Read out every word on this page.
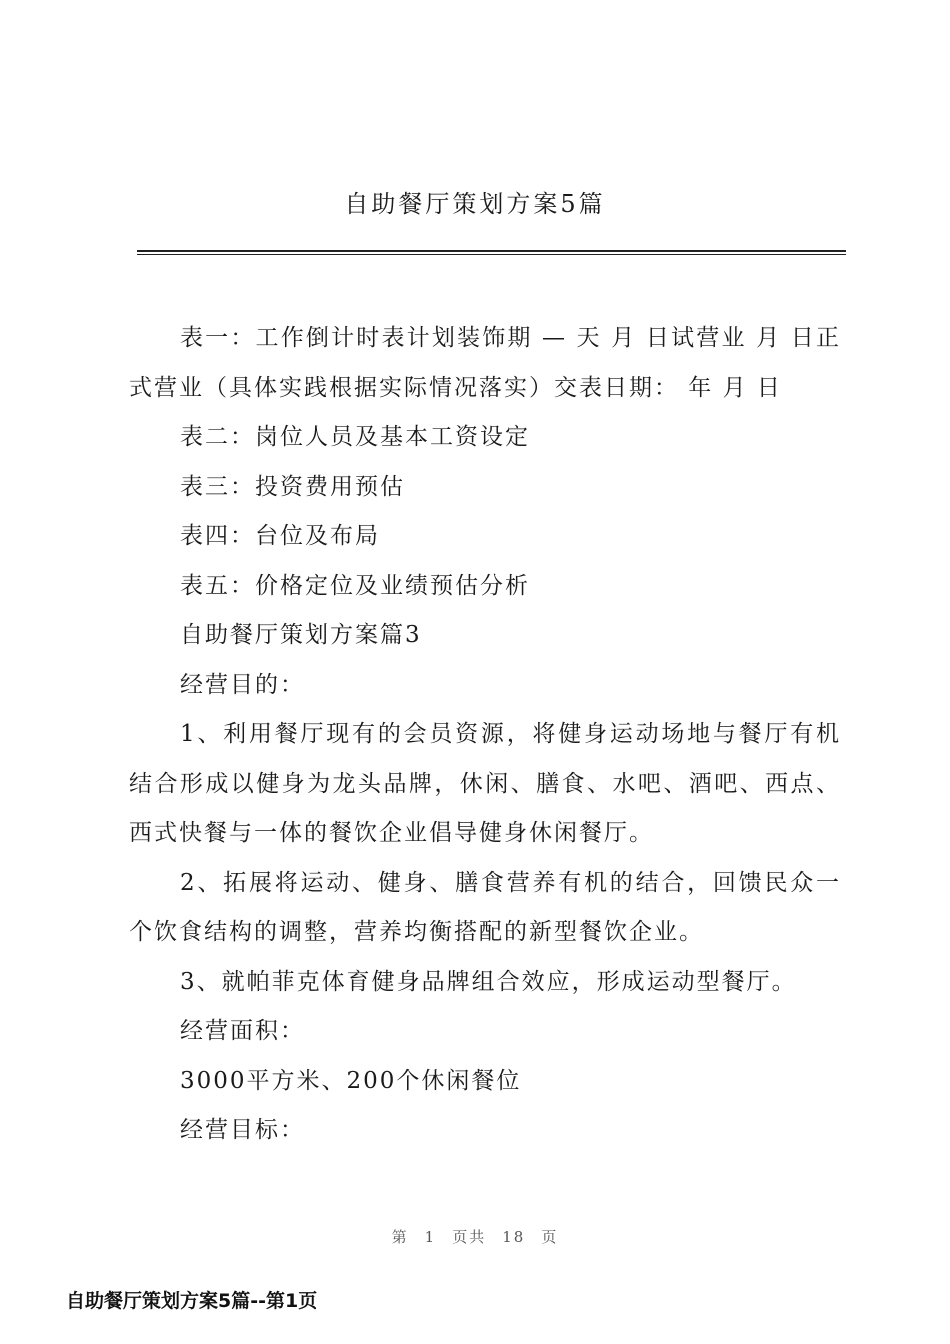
自助餐厅策划方案5篇

表一：工作倒计时表计划装饰期 — 天 月 日试营业 月 日正式营业（具体实践根据实际情况落实）交表日期： 年 月 日

表二：岗位人员及基本工资设定

表三：投资费用预估

表四：台位及布局

表五：价格定位及业绩预估分析

自助餐厅策划方案篇3

经营目的：

1、利用餐厅现有的会员资源，将健身运动场地与餐厅有机结合形成以健身为龙头品牌，休闲、膳食、水吧、酒吧、西点、西式快餐与一体的餐饮企业倡导健身休闲餐厅。

2、拓展将运动、健身、膳食营养有机的结合，回馈民众一个饮食结构的调整，营养均衡搭配的新型餐饮企业。

3、就帕菲克体育健身品牌组合效应，形成运动型餐厅。

经营面积：

3000平方米、200个休闲餐位

经营目标：

第 1 页共 18 页
自助餐厅策划方案5篇--第1页
